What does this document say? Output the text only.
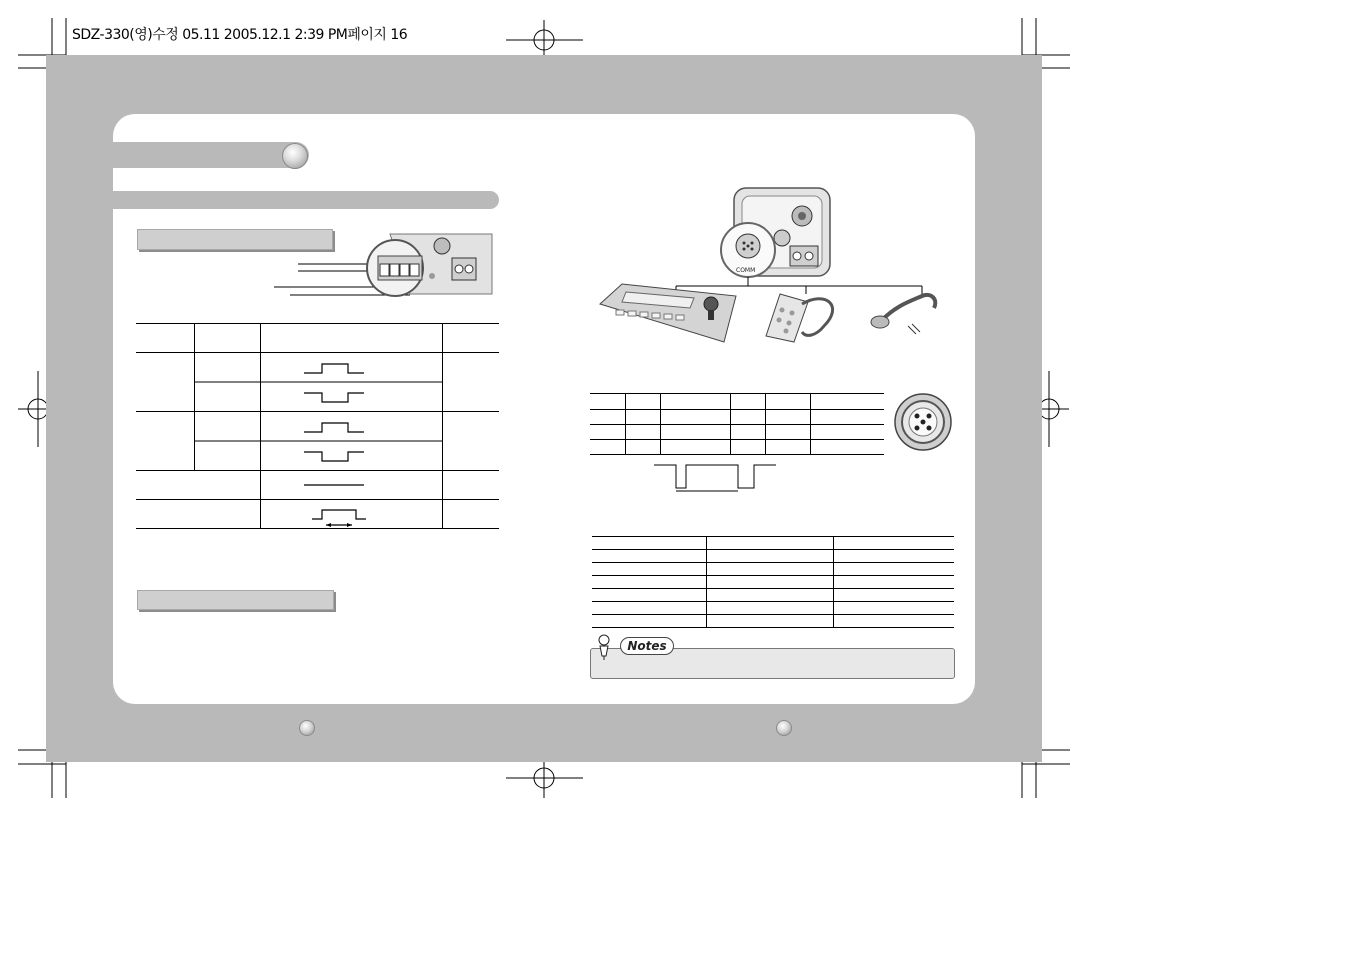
SDZ-330(영)수정 05.11 2005.12.1 2:39 PM페이지 16
COMM
Notes
